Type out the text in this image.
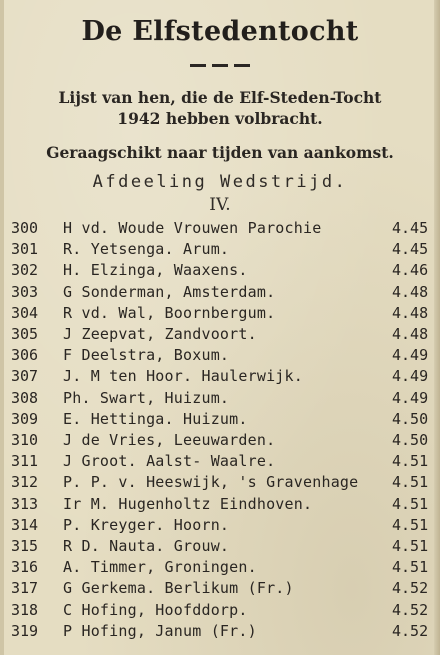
De Elfstedentocht
Lijst van hen, die de Elf-Steden-Tocht
1942 hebben volbracht.
Geraagschikt naar tijden van aankomst.
Afdeeling Wedstrijd.
IV.
300 H vd. Woude Vrouwen Parochie	4.45
301 R. Yetsenga. Arum.	4.45
302 H. Elzinga, Waaxens.	4.46
303 G Sonderman, Amsterdam.	4.48
304 R vd. Wal, Boornbergum.	4.48
305 J Zeepvat, Zandvoort.	4.48
306 F Deelstra, Boxum.	4.49
307 J. M ten Hoor. Haulerwijk.	4.49
308 Ph. Swart, Huizum.	4.49
309 E. Hettinga. Huizum.	4.50
310 J de Vries, Leeuwarden.	4.50
311 J Groot. Aalst- Waalre.	4.51
312 P. P. v. Heeswijk, 's Gravenhage 4.51
313 Ir M. Hugenholtz Eindhoven.	4.51
314 P. Kreyger. Hoorn.	4.51
315 R D. Nauta. Grouw.	4.51
316 A. Timmer, Groningen.	4.51
317 G Gerkema. Berlikum (Fr.)	4.52
318 C Hofing, Hoofddorp.	4.52
319 P Hofing, Janum (Fr.)	4.52
